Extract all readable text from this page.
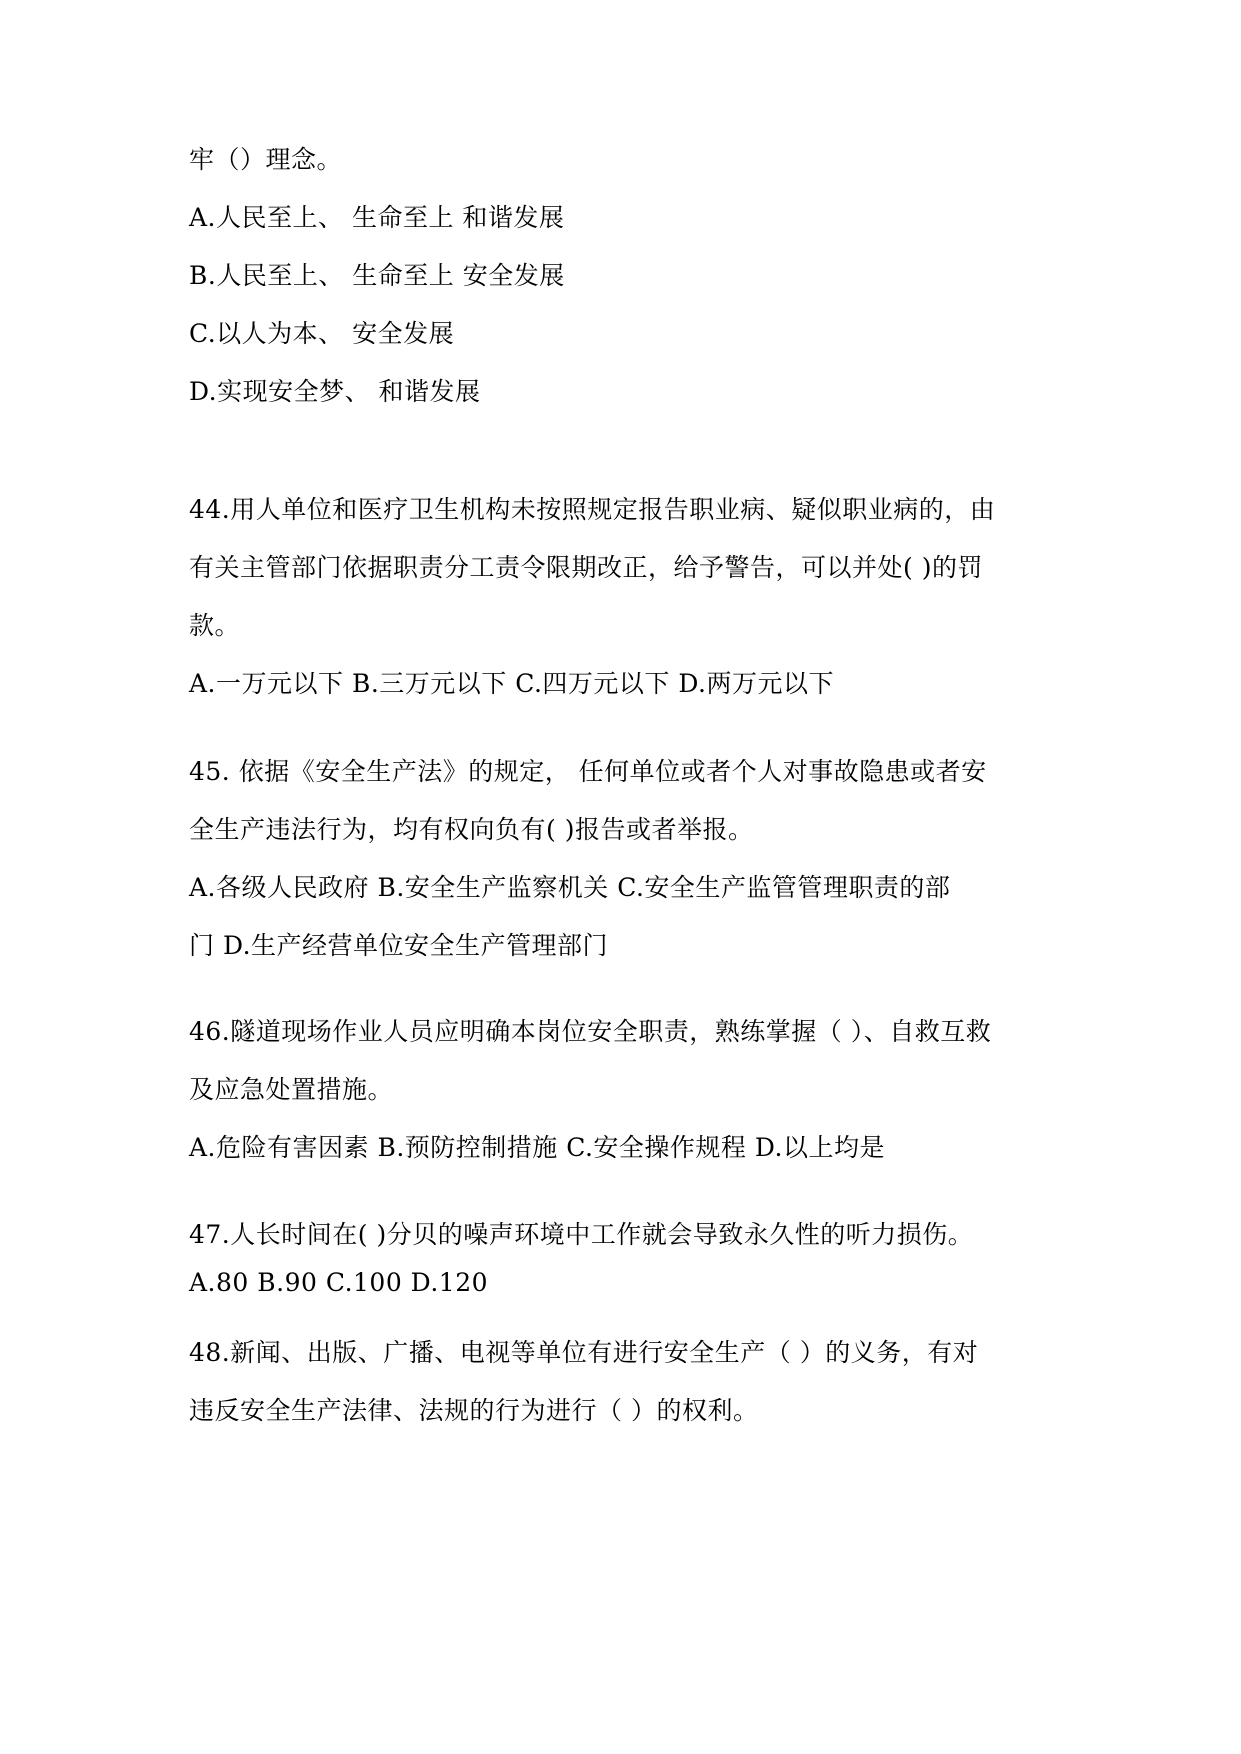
牢（）理念。
A.人民至上、 生命至上 和谐发展
B.人民至上、 生命至上 安全发展
C.以人为本、 安全发展
D.实现安全梦、 和谐发展
44.用人单位和医疗卫生机构未按照规定报告职业病、疑似职业病的，由
有关主管部门依据职责分工责令限期改正，给予警告，可以并处( )的罚
款。
A.一万元以下 B.三万元以下 C.四万元以下 D.两万元以下
45. 依据《安全生产法》的规定， 任何单位或者个人对事故隐患或者安
全生产违法行为，均有权向负有( )报告或者举报。
A.各级人民政府 B.安全生产监察机关 C.安全生产监管管理职责的部
门 D.生产经营单位安全生产管理部门
46.隧道现场作业人员应明确本岗位安全职责，熟练掌握（ ）、自救互救
及应急处置措施。
A.危险有害因素 B.预防控制措施 C.安全操作规程 D.以上均是
47.人长时间在( )分贝的噪声环境中工作就会导致永久性的听力损伤。
A.80 B.90 C.100 D.120
48.新闻、出版、广播、电视等单位有进行安全生产（ ）的义务，有对
违反安全生产法律、法规的行为进行（ ）的权利。
